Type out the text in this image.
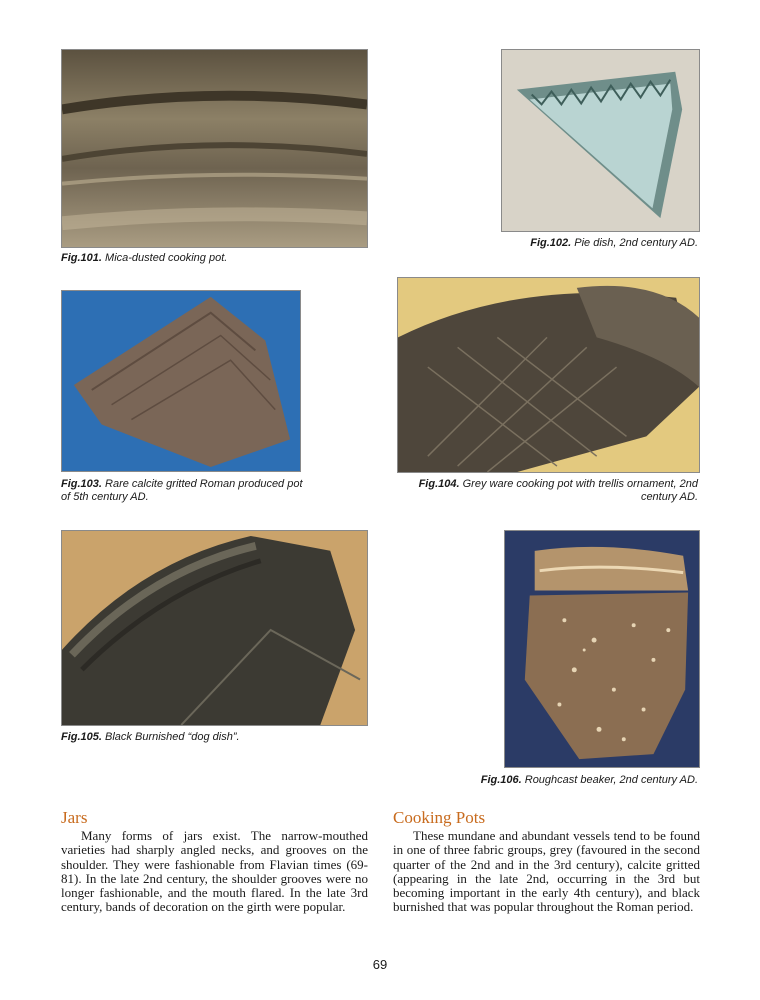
Fig.101. Mica-dusted cooking pot.
Fig.102. Pie dish, 2nd century AD.
Fig.103. Rare calcite gritted Roman produced pot of 5th century AD.
Fig.104. Grey ware cooking pot with trellis ornament, 2nd century AD.
Fig.105. Black Burnished “dog dish”.
Fig.106. Roughcast beaker, 2nd century AD.
Jars

Many forms of jars exist. The narrow-mouthed varieties had sharply angled necks, and grooves on the shoulder. They were fashionable from Flavian times (69-81). In the late 2nd century, the shoulder grooves were no longer fashionable, and the mouth flared. In the late 3rd century, bands of decoration on the girth were popular.

Cooking Pots

These mundane and abundant vessels tend to be found in one of three fabric groups, grey (favoured in the second quarter of the 2nd and in the 3rd century), calcite gritted (appearing in the late 2nd, occurring in the 3rd but becoming important in the early 4th century), and black burnished that was popular throughout the Roman period.

69
